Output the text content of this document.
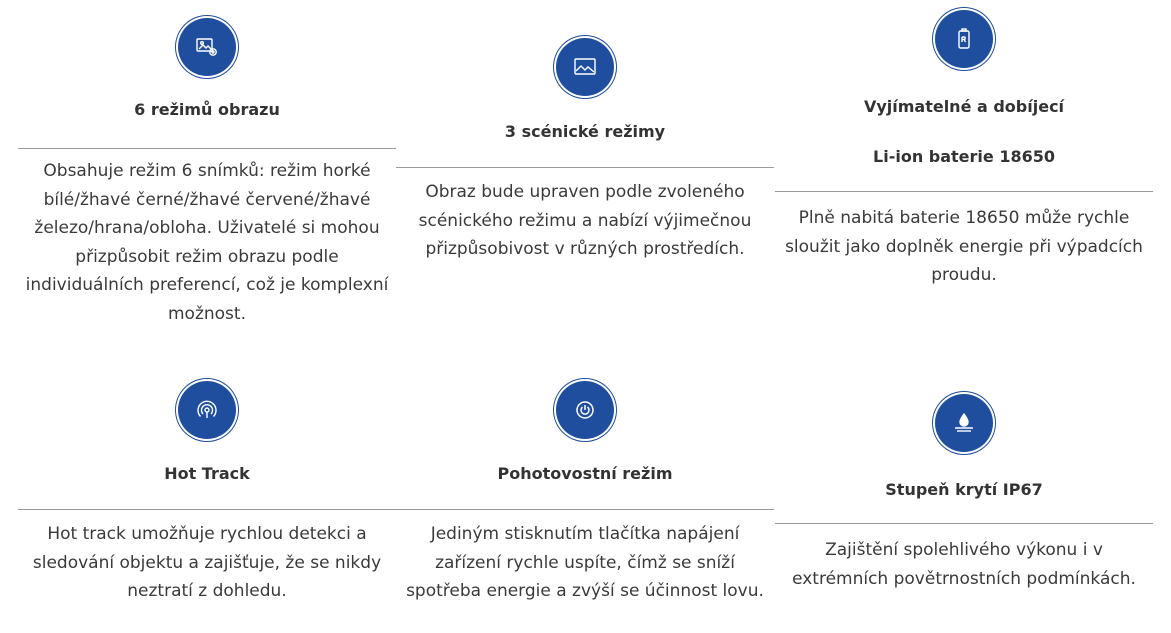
6 režimů obrazu
Obsahuje režim 6 snímků: režim horké bílé/žhavé černé/žhavé červené/žhavé železo/hrana/obloha. Uživatelé si mohou přizpůsobit režim obrazu podle individuálních preferencí, což je komplexní možnost.
3 scénické režimy
Obraz bude upraven podle zvoleného scénického režimu a nabízí výjimečnou přizpůsobivost v různých prostředích.
Vyjímatelné a dobíjecí
Li-ion baterie 18650
Plně nabitá baterie 18650 může rychle sloužit jako doplněk energie při výpadcích proudu.
Hot Track
Hot track umožňuje rychlou detekci a sledování objektu a zajišťuje, že se nikdy neztratí z dohledu.
Pohotovostní režim
Jediným stisknutím tlačítka napájení zařízení rychle uspíte, čímž se sníží spotřeba energie a zvýší se účinnost lovu.
Stupeň krytí IP67
Zajištění spolehlivého výkonu i v extrémních povětrnostních podmínkách.
